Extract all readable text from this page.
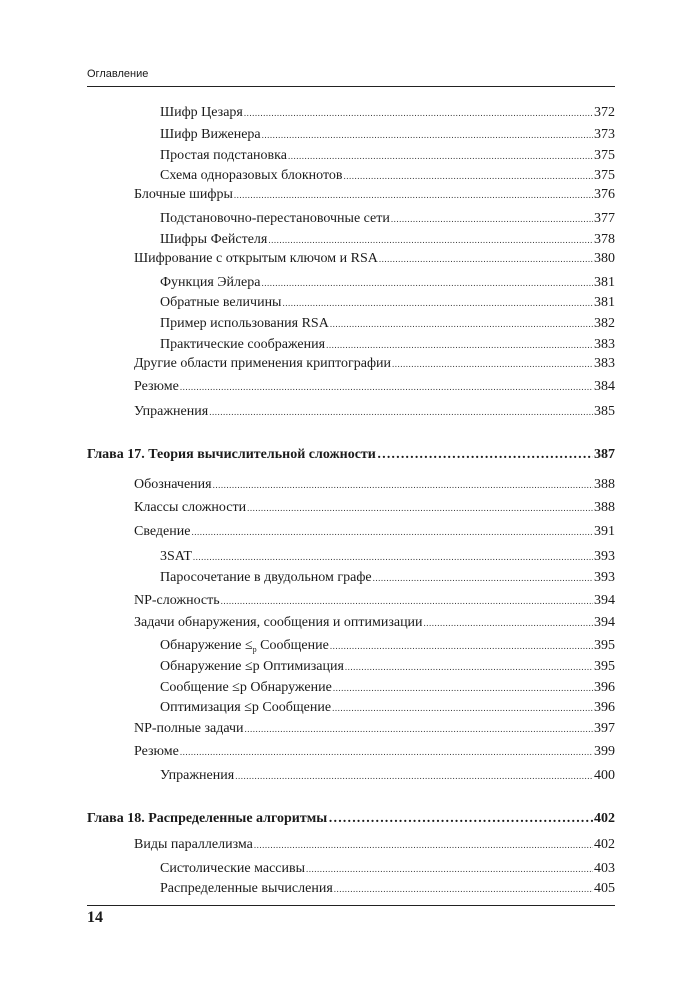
Оглавление
Шифр Цезаря .....	372
Шифр Виженера .....	373
Простая подстановка .....	375
Схема одноразовых блокнотов .....	375
Блочные шифры .....	376
Подстановочно-перестановочные сети .....	377
Шифры Фейстеля .....	378
Шифрование с открытым ключом и RSA .....	380
Функция Эйлера .....	381
Обратные величины .....	381
Пример использования RSA .....	382
Практические соображения .....	383
Другие области применения криптографии .....	383
Резюме .....	384
Упражнения .....	385
Глава 17. Теория вычислительной сложности …………………………………………………………………………………………………………………………………………………………………………	387
Обозначения .....	388
Классы сложности .....	388
Сведение .....	391
3SAT .....	393
Паросочетание в двудольном графе .....	393
NP-сложность .....	394
Задачи обнаружения, сообщения и оптимизации .....	394
Обнаружение $\le_p$ Сообщение .....	395
Обнаружение ≤p Оптимизация .....	395
Сообщение ≤p Обнаружение .....	396
Оптимизация ≤p Сообщение .....	396
NP-полные задачи .....	397
Резюме .....	399
Упражнения .....	400
Глава 18. Распределенные алгоритмы …………………………………………………………………………………………………………………………………………………………………………	402
Виды параллелизма .....	402
Систолические массивы .....	403
Распределенные вычисления .....	405
14
